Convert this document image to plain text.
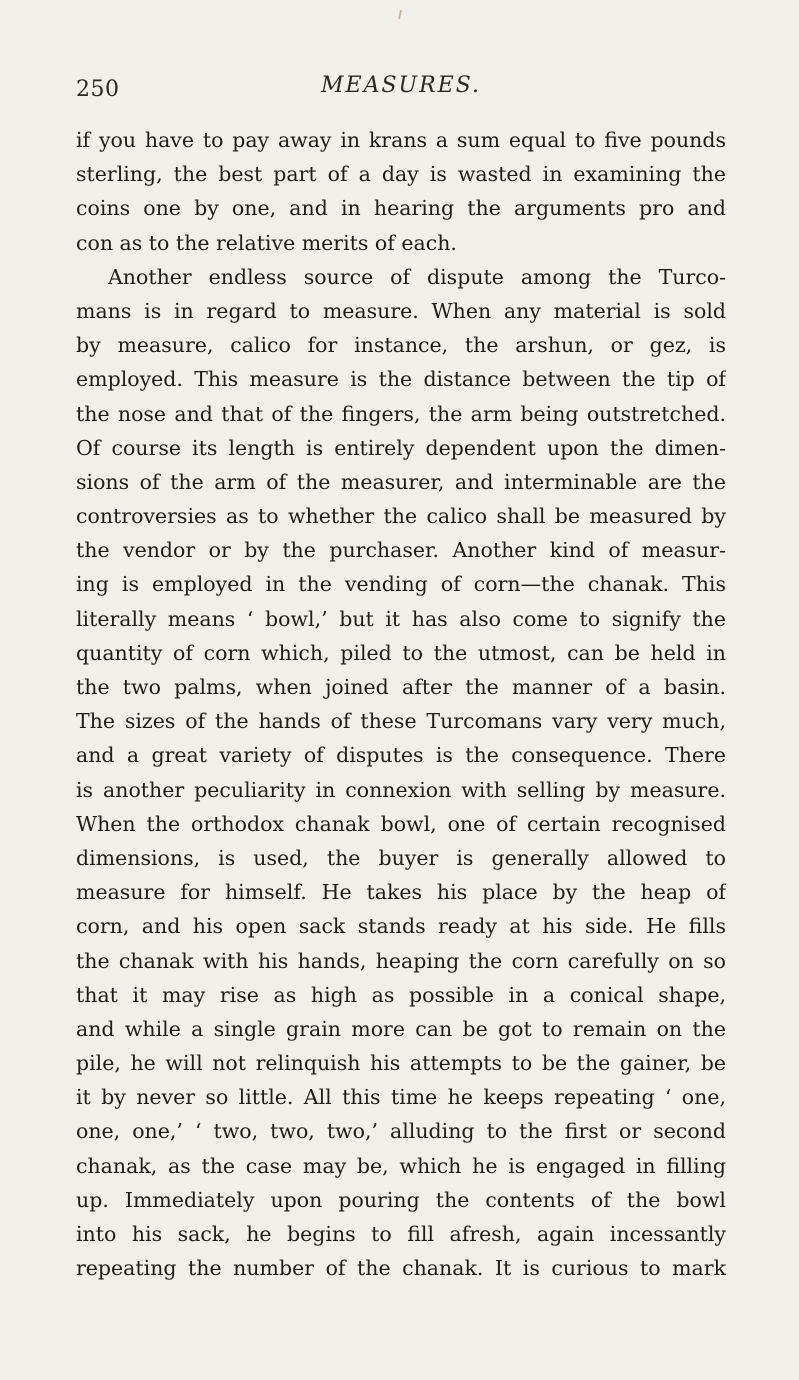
250	MEASURES.
if you have to pay away in krans a sum equal to five pounds
sterling, the best part of a day is wasted in examining the
coins one by one, and in hearing the arguments pro and
con as to the relative merits of each.
Another endless source of dispute among the Turco-
mans is in regard to measure. When any material is sold
by measure, calico for instance, the arshun, or gez, is
employed. This measure is the distance between the tip of
the nose and that of the fingers, the arm being outstretched.
Of course its length is entirely dependent upon the dimen-
sions of the arm of the measurer, and interminable are the
controversies as to whether the calico shall be measured by
the vendor or by the purchaser. Another kind of measur-
ing is employed in the vending of corn—the chanak. This
literally means ‘ bowl,’ but it has also come to signify the
quantity of corn which, piled to the utmost, can be held in
the two palms, when joined after the manner of a basin.
The sizes of the hands of these Turcomans vary very much,
and a great variety of disputes is the consequence. There
is another peculiarity in connexion with selling by measure.
When the orthodox chanak bowl, one of certain recognised
dimensions, is used, the buyer is generally allowed to
measure for himself. He takes his place by the heap of
corn, and his open sack stands ready at his side. He fills
the chanak with his hands, heaping the corn carefully on so
that it may rise as high as possible in a conical shape,
and while a single grain more can be got to remain on the
pile, he will not relinquish his attempts to be the gainer, be
it by never so little. All this time he keeps repeating ‘ one,
one, one,’ ‘ two, two, two,’ alluding to the first or second
chanak, as the case may be, which he is engaged in filling
up. Immediately upon pouring the contents of the bowl
into his sack, he begins to fill afresh, again incessantly
repeating the number of the chanak. It is curious to mark
